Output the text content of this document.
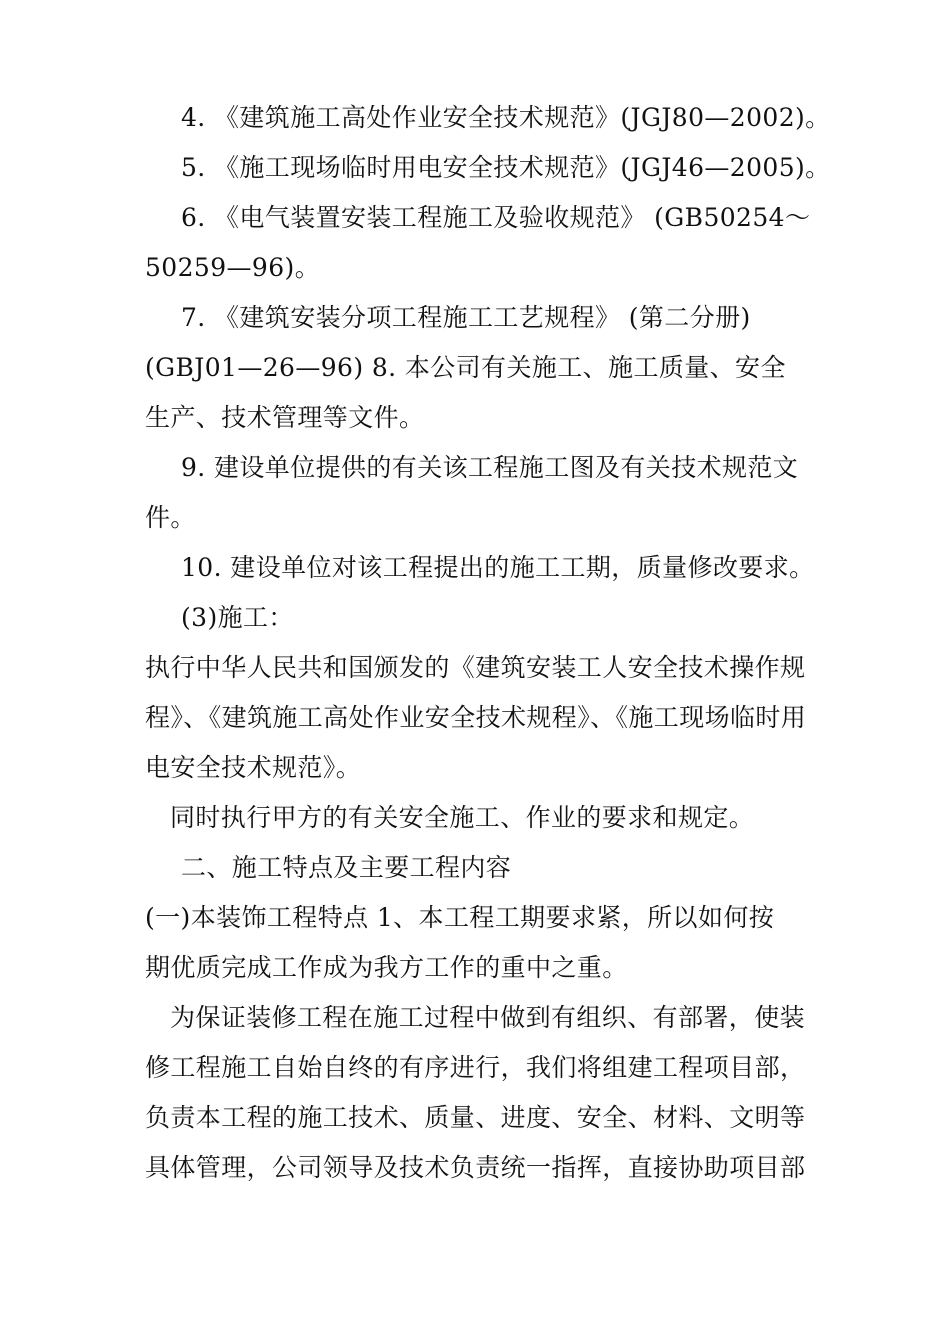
4. 《建筑施工高处作业安全技术规范》(JGJ80—2002)。
5. 《施工现场临时用电安全技术规范》(JGJ46—2005)。
6. 《电气装置安装工程施工及验收规范》 (GB50254～
50259—96)。
7. 《建筑安装分项工程施工工艺规程》 (第二分册)
(GBJ01—26—96) 8. 本公司有关施工、施工质量、安全
生产、技术管理等文件。
9. 建设单位提供的有关该工程施工图及有关技术规范文
件。
10. 建设单位对该工程提出的施工工期，质量修改要求。
(3)施工：
执行中华人民共和国颁发的《建筑安装工人安全技术操作规
程》、《建筑施工高处作业安全技术规程》、《施工现场临时用
电安全技术规范》。
同时执行甲方的有关安全施工、作业的要求和规定。
二、施工特点及主要工程内容
(一)本装饰工程特点 1、本工程工期要求紧，所以如何按
期优质完成工作成为我方工作的重中之重。
为保证装修工程在施工过程中做到有组织、有部署，使装
修工程施工自始自终的有序进行，我们将组建工程项目部，
负责本工程的施工技术、质量、进度、安全、材料、文明等
具体管理，公司领导及技术负责统一指挥，直接协助项目部
